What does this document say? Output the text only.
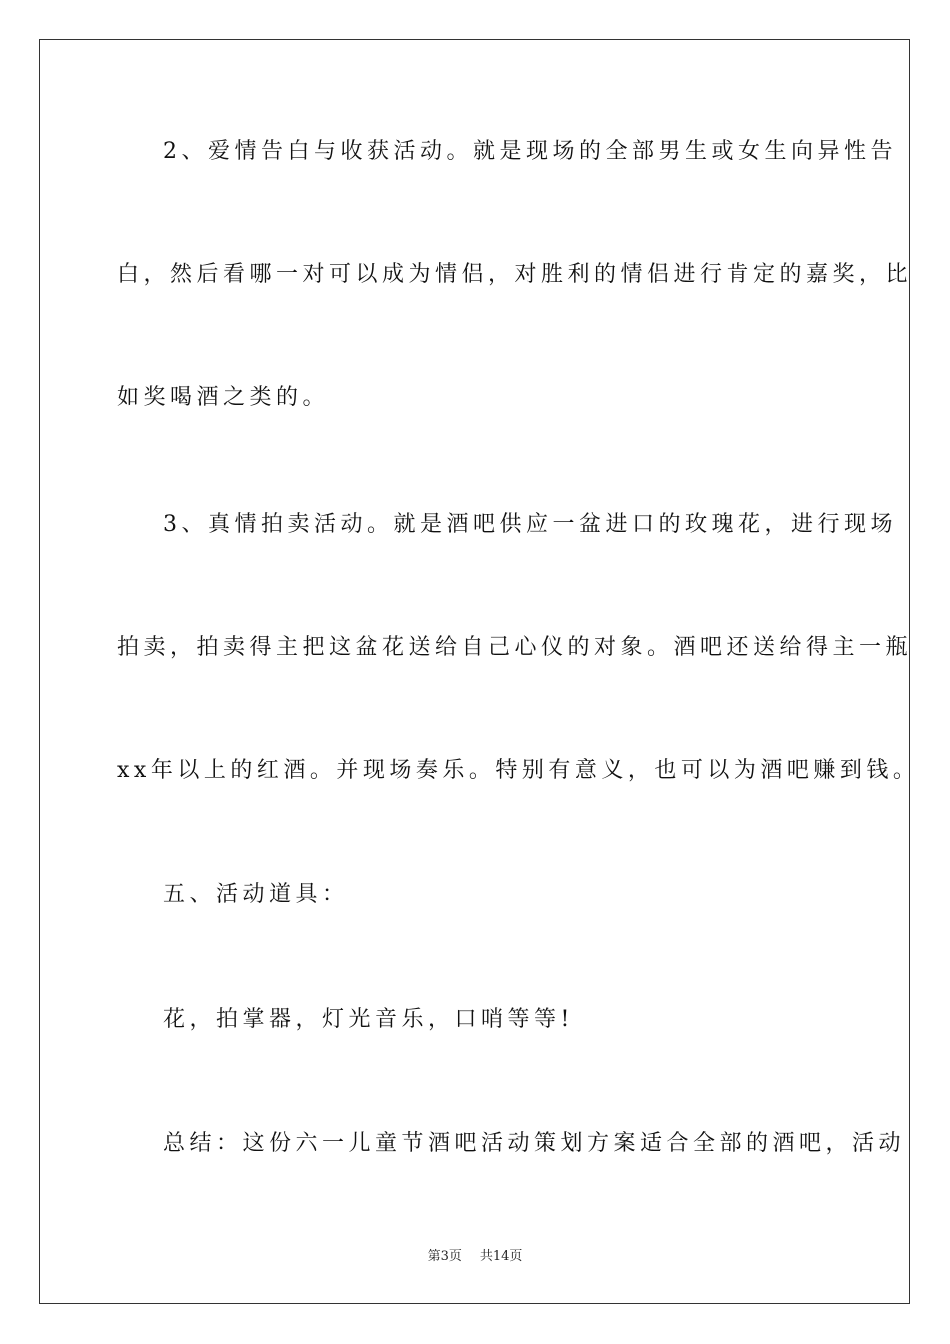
2、爱情告白与收获活动。就是现场的全部男生或女生向异性告
白，然后看哪一对可以成为情侣，对胜利的情侣进行肯定的嘉奖，比
如奖喝酒之类的。
3、真情拍卖活动。就是酒吧供应一盆进口的玫瑰花，进行现场
拍卖，拍卖得主把这盆花送给自己心仪的对象。酒吧还送给得主一瓶
xx年以上的红酒。并现场奏乐。特别有意义，也可以为酒吧赚到钱。
五、活动道具：
花，拍掌器，灯光音乐，口哨等等!
总结：这份六一儿童节酒吧活动策划方案适合全部的酒吧，活动
第3页 共14页
